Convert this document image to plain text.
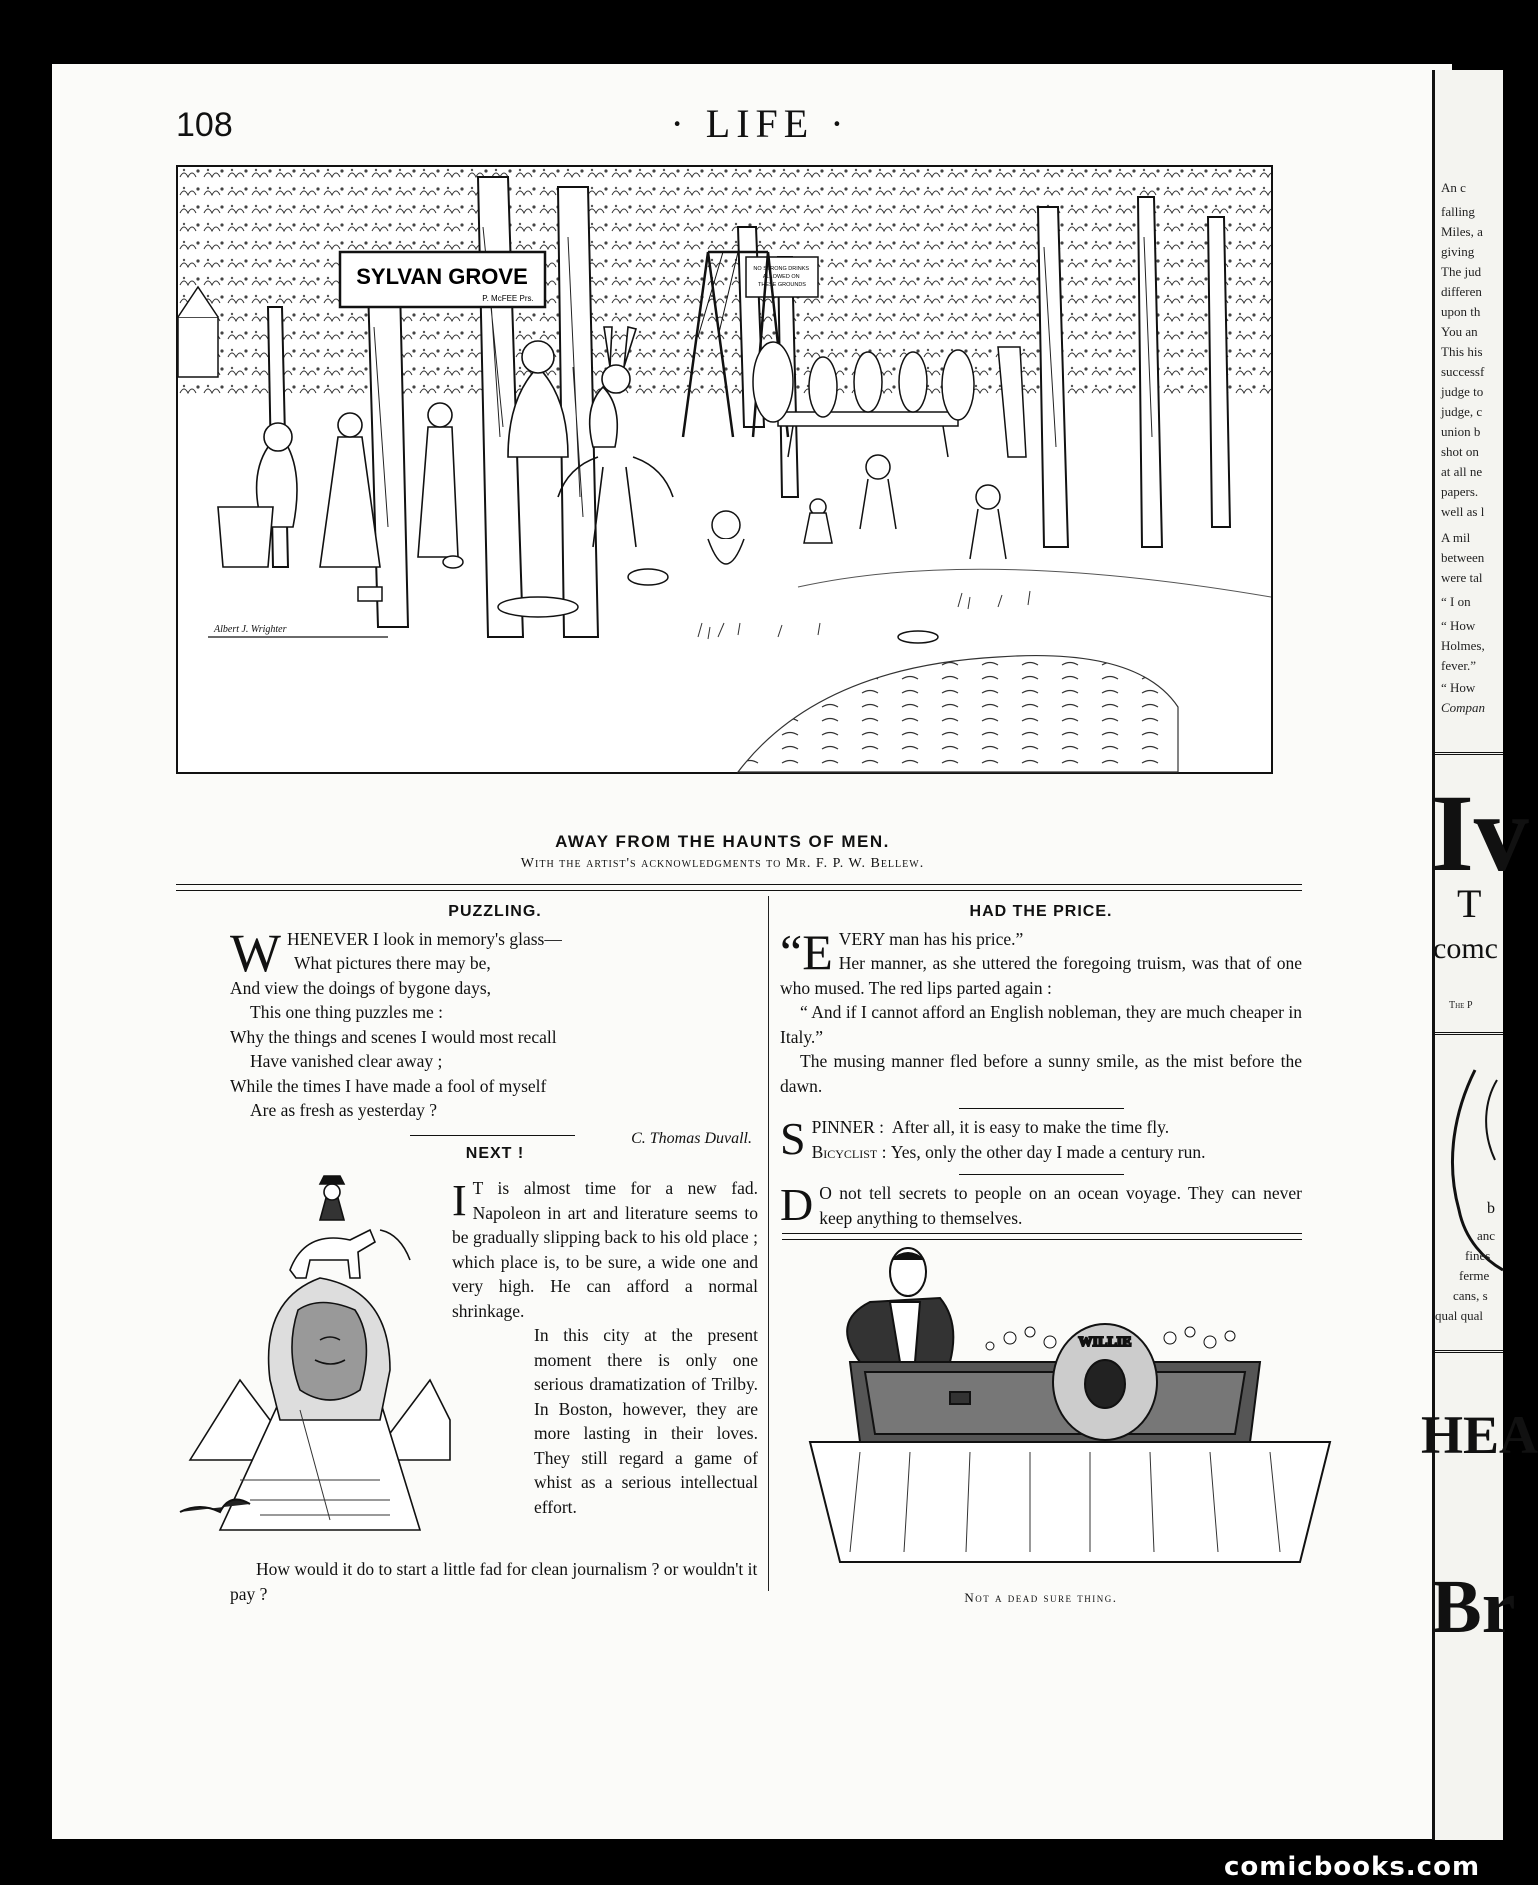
An c
falling
Miles, a
giving
The jud
differen
upon th
You an
This his
successf
judge to
judge, c
union b
shot on
at all ne
papers.
well as l
A mil
between
were tal
“ I on
“ How
Holmes,
fever.”
“ How
Compan
Iv
T
comc
The P
b
anc
fines
ferme
cans, s
qual qual
HEA
Br
108	· LIFE ·
SYLVAN GROVE
P. McFEE Prs.
NO STRONG DRINKS ALLOWED ON THESE GROUNDS
Albert J. Wrighter
AWAY FROM THE HAUNTS OF MEN.
With the artist's acknowledgments to Mr. F. P. W. Bellew.
PUZZLING.
W HENEVER I look in memory's glass—
What pictures there may be,
And view the doings of bygone days,
This one thing puzzles me :
Why the things and scenes I would most recall
Have vanished clear away ;
While the times I have made a fool of myself
Are as fresh as yesterday ?
C. Thomas Duvall.
NEXT !
I T is almost time for a new fad. Napoleon in art and literature seems to be gradually slipping back to his old place ; which place is, to be sure, a wide one and very high. He can afford a normal shrinkage.

In this city at the present moment there is only one serious dramatization of Trilby. In Boston, however, they are more lasting in their loves. They still regard a game of whist as a serious intellectual effort.

How would it do to start a little fad for clean journalism ? or wouldn't it pay ?

HAD THE PRICE.

“E VERY man has his price.”
Her manner, as she uttered the foregoing truism, was that of one who mused. The red lips parted again :

“ And if I cannot afford an English nobleman, they are much cheaper in Italy.”

The musing manner fled before a sunny smile, as the mist before the dawn.

S PINNER : After all, it is easy to make the time fly.
Bicyclist : Yes, only the other day I made a century run.
D O not tell secrets to people on an ocean voyage. They can never keep anything to themselves.

WILLIE
Not a dead sure thing.
comicbooks.com
